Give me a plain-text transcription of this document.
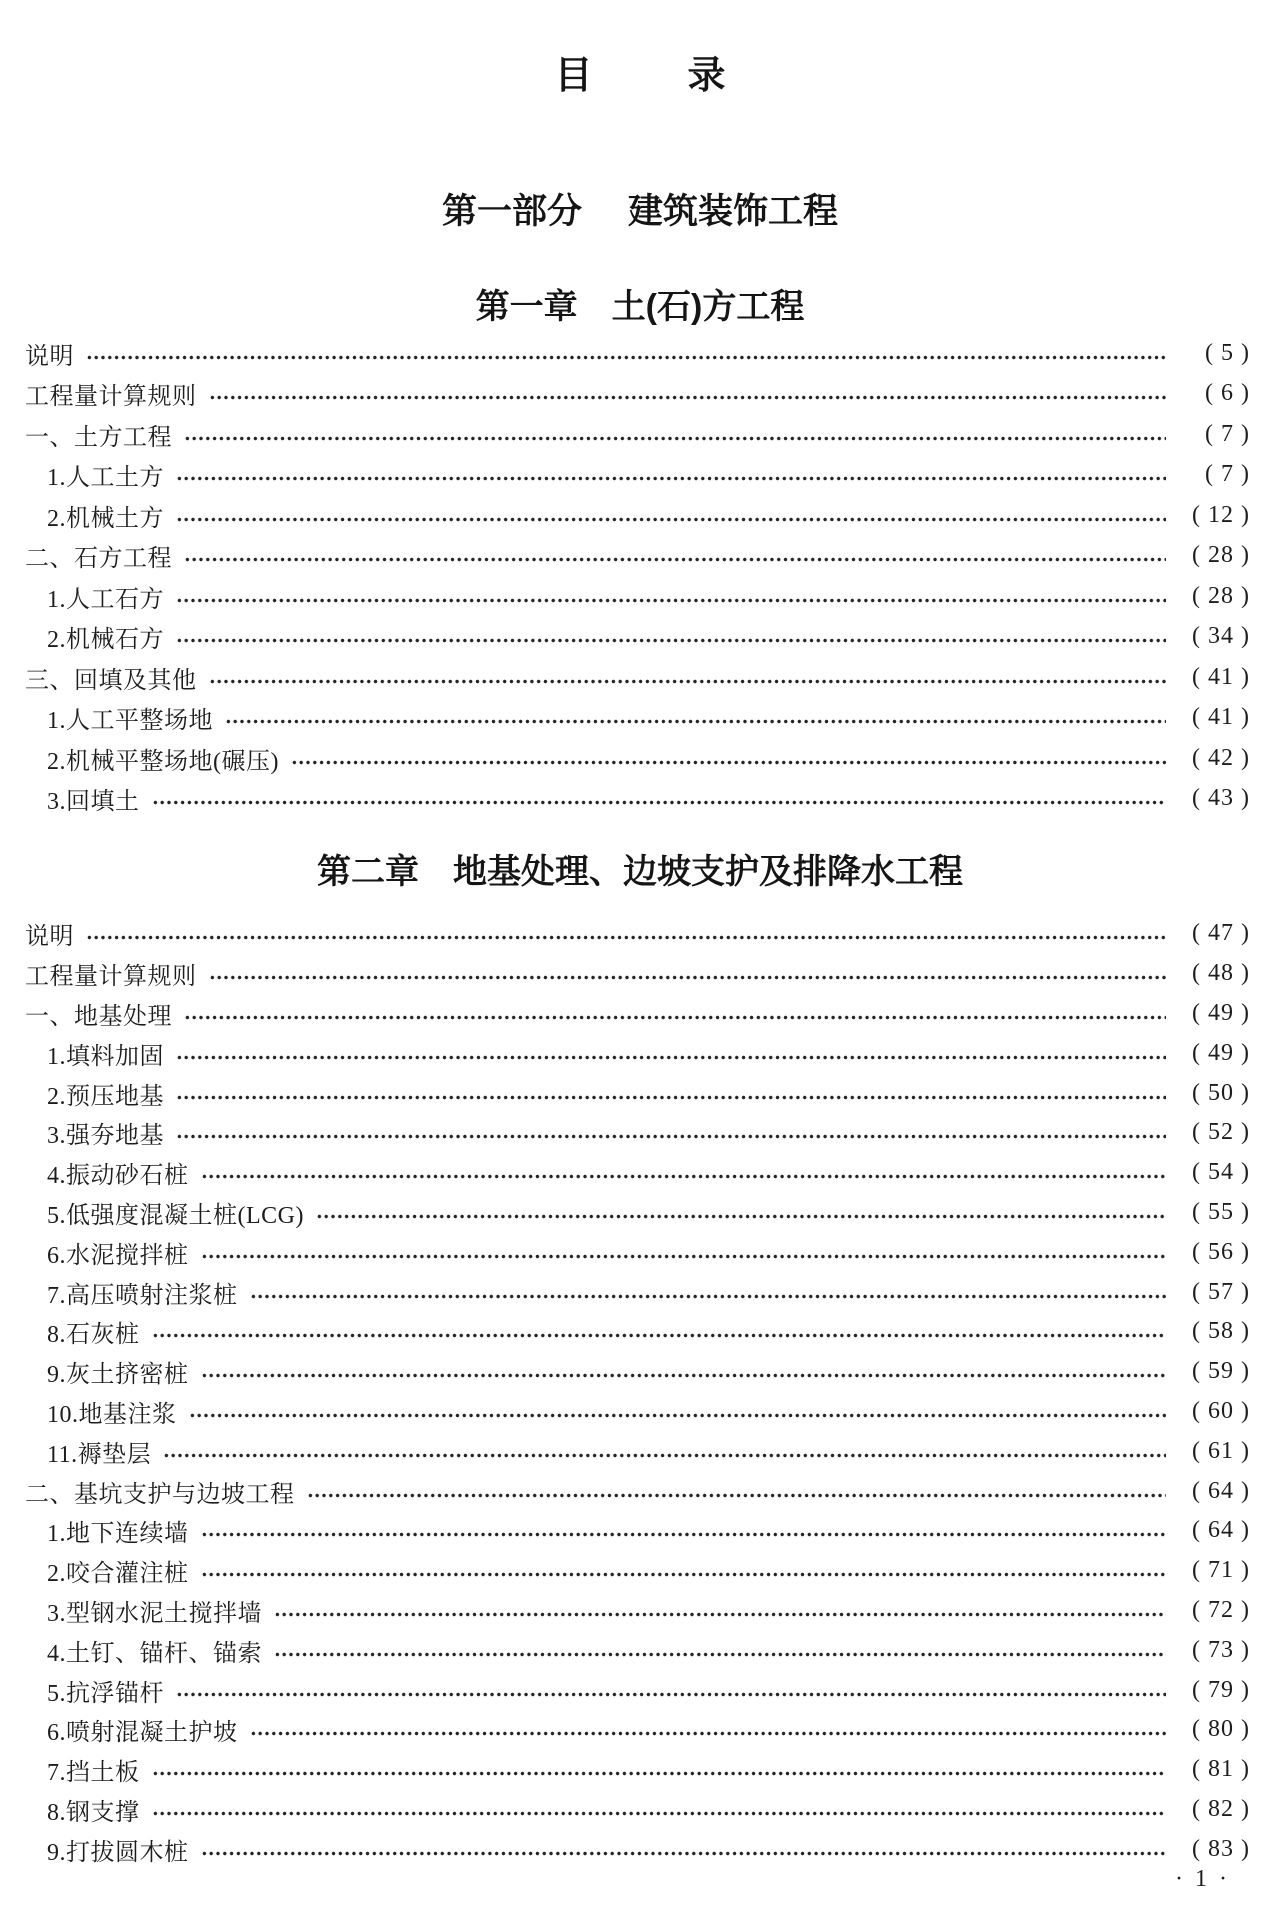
目	录
第一部分 建筑装饰工程
第一章 土(石)方工程
说明	( 5 )
工程量计算规则	( 6 )
一、土方工程	( 7 )
1.人工土方	( 7 )
2.机械土方	( 12 )
二、石方工程	( 28 )
1.人工石方	( 28 )
2.机械石方	( 34 )
三、回填及其他	( 41 )
1.人工平整场地	( 41 )
2.机械平整场地(碾压)	( 42 )
3.回填土	( 43 )
第二章 地基处理、边坡支护及排降水工程
说明	( 47 )
工程量计算规则	( 48 )
一、地基处理	( 49 )
1.填料加固	( 49 )
2.预压地基	( 50 )
3.强夯地基	( 52 )
4.振动砂石桩	( 54 )
5.低强度混凝土桩(LCG)	( 55 )
6.水泥搅拌桩	( 56 )
7.高压喷射注浆桩	( 57 )
8.石灰桩	( 58 )
9.灰土挤密桩	( 59 )
10.地基注浆	( 60 )
11.褥垫层	( 61 )
二、基坑支护与边坡工程	( 64 )
1.地下连续墙	( 64 )
2.咬合灌注桩	( 71 )
3.型钢水泥土搅拌墙	( 72 )
4.土钉、锚杆、锚索	( 73 )
5.抗浮锚杆	( 79 )
6.喷射混凝土护坡	( 80 )
7.挡土板	( 81 )
8.钢支撑	( 82 )
9.打拔圆木桩	( 83 )
· 1 ·
